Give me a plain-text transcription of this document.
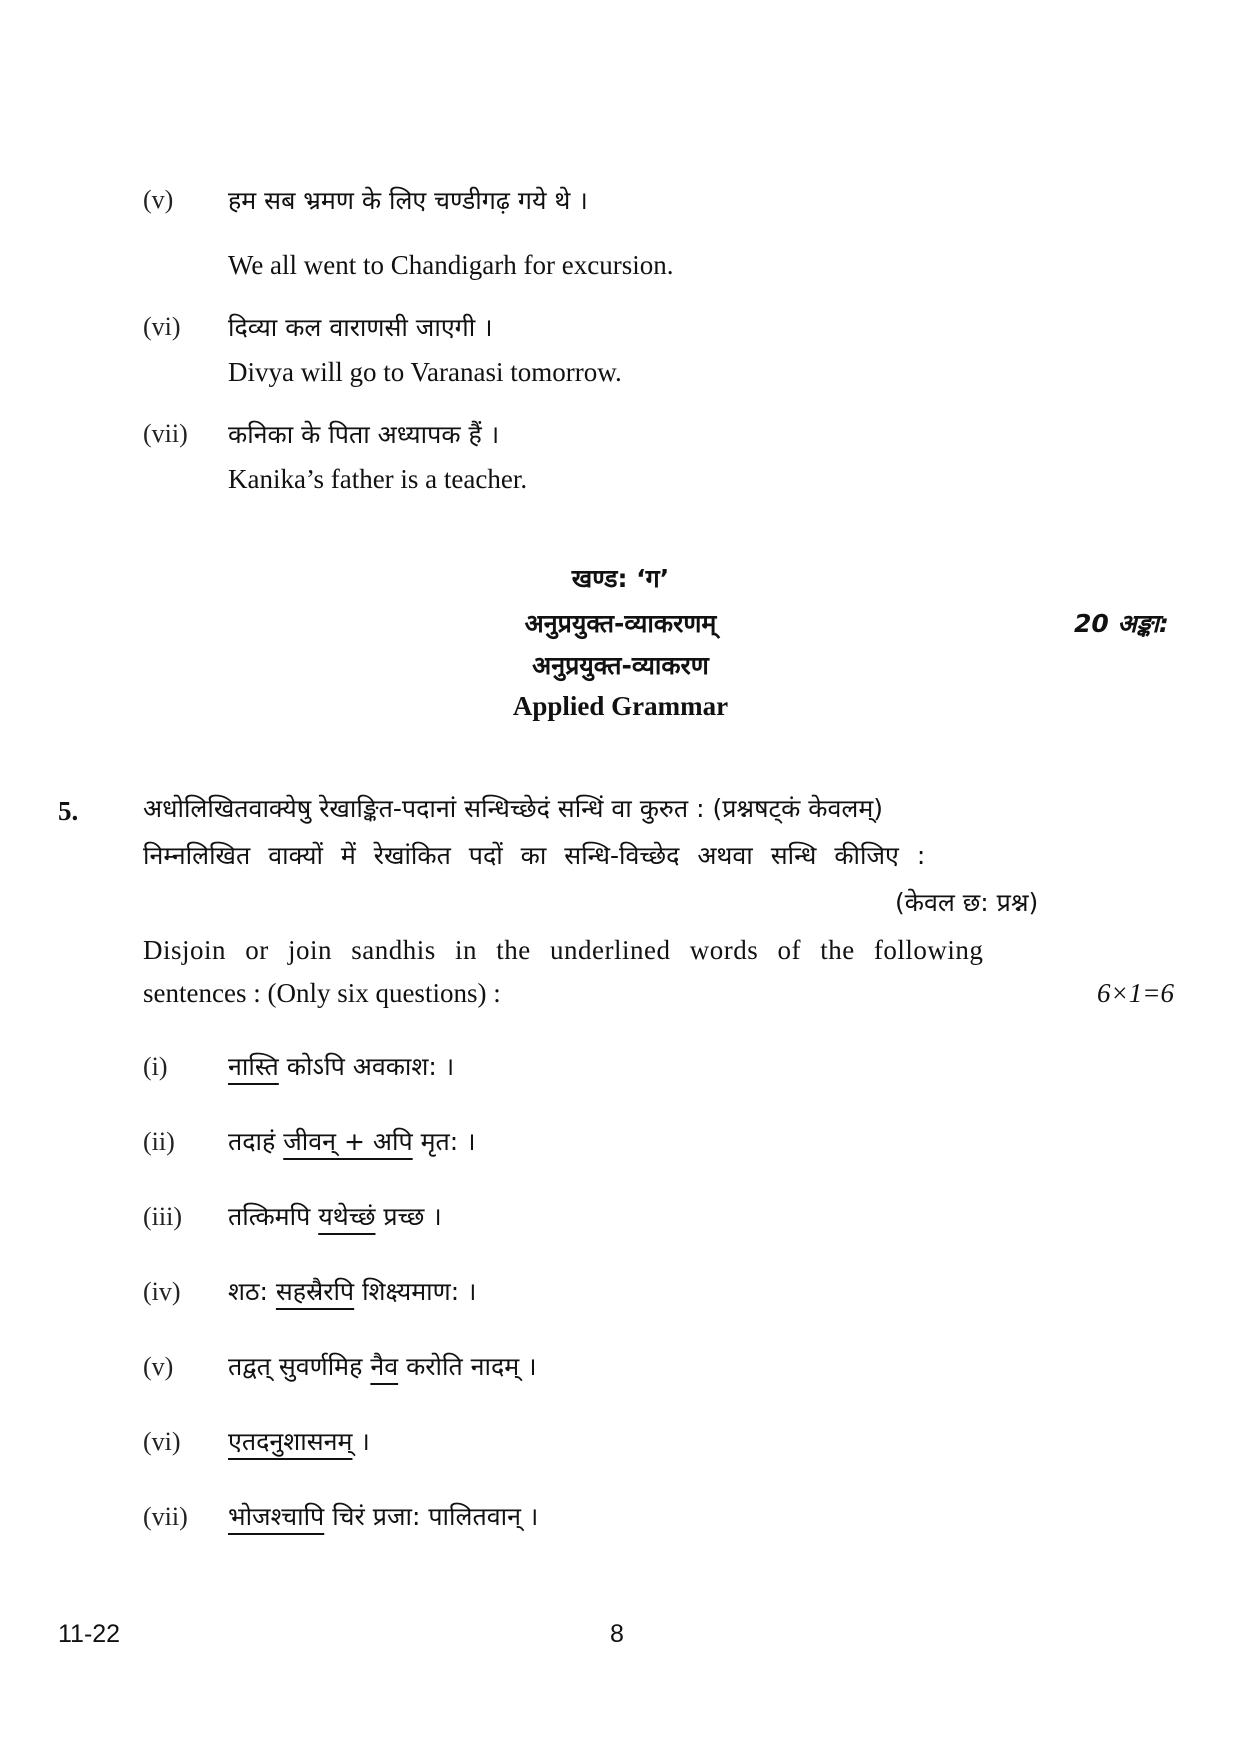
(v) हम सब भ्रमण के लिए चण्डीगढ़ गये थे ।
We all went to Chandigarh for excursion.
(vi) दिव्या कल वाराणसी जाएगी ।
Divya will go to Varanasi tomorrow.
(vii) कनिका के पिता अध्यापक हैं ।
Kanika’s father is a teacher.
खण्ड: ‘ग’
अनुप्रयुक्त-व्याकरणम्	20 अङ्का:
अनुप्रयुक्त-व्याकरण
Applied Grammar
5.	अधोलिखितवाक्येषु रेखाङ्कित-पदानां सन्धिच्छेदं सन्धिं वा कुरुत : (प्रश्नषट्कं केवलम्)
निम्नलिखित वाक्यों में रेखांकित पदों का सन्धि-विच्छेद अथवा सन्धि कीजिए :
(केवल छ: प्रश्न)
Disjoin or join sandhis in the underlined words of the following
sentences : (Only six questions) :	6×1=6
(i) नास्ति कोऽपि अवकाश: ।
(ii) तदाहं जीवन् + अपि मृत: ।
(iii) तत्किमपि यथेच्छं प्रच्छ ।
(iv) शठ: सहस्रैरपि शिक्ष्यमाण: ।
(v) तद्वत् सुवर्णमिह नैव करोति नादम् ।
(vi) एतदनुशासनम् ।
(vii) भोजश्चापि चिरं प्रजा: पालितवान् ।
11-22	8
